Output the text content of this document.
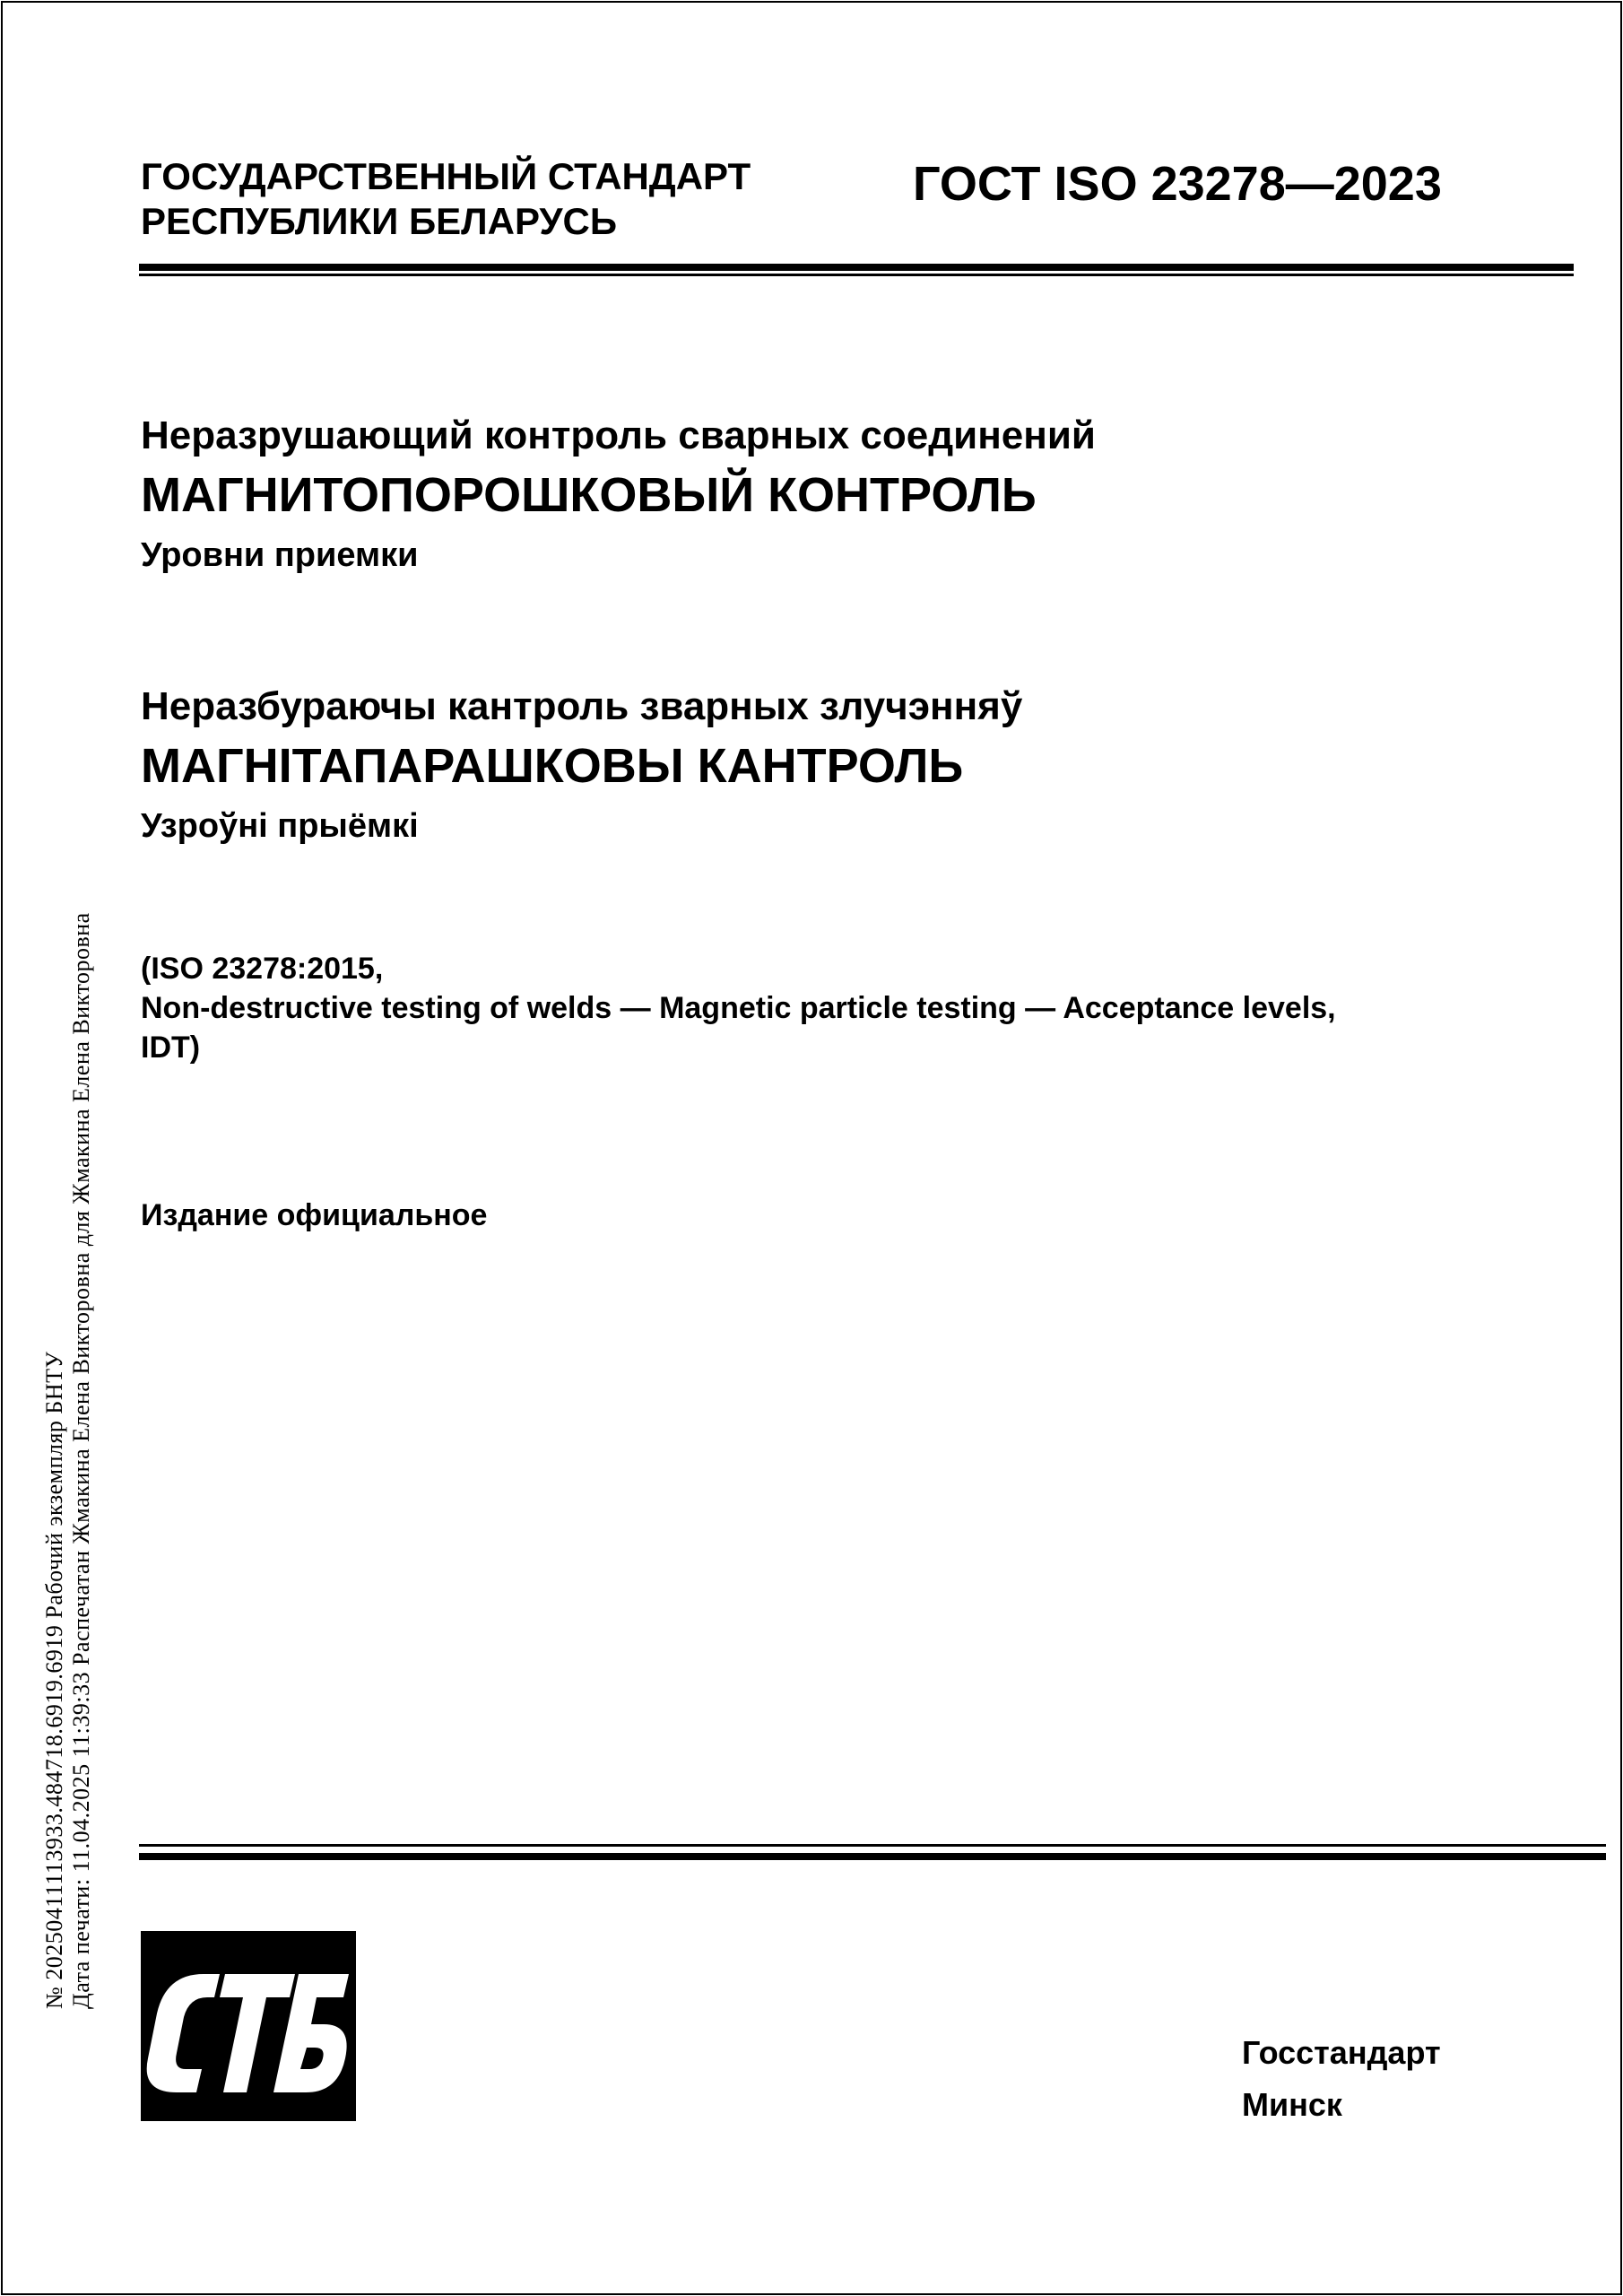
ГОСУДАРСТВЕННЫЙ СТАНДАРТ
РЕСПУБЛИКИ БЕЛАРУСЬ
ГОСТ ISO 23278—2023
Неразрушающий контроль сварных соединений
МАГНИТОПОРОШКОВЫЙ КОНТРОЛЬ
Уровни приемки
Неразбураючы кантроль зварных злучэнняў
МАГНІТАПАРАШКОВЫ КАНТРОЛЬ
Узроўні прыёмкі
(ISO 23278:2015,
Non-destructive testing of welds — Magnetic particle testing — Acceptance levels,
IDT)
Издание официальное
№ 20250411113933.484718.6919.6919 Рабочий экземпляр БНТУ Дата печати: 11.04.2025 11:39:33 Распечатан Жмакина Елена Викторовна для Жмакина Елена Викторовна
Госстандарт
Минск
